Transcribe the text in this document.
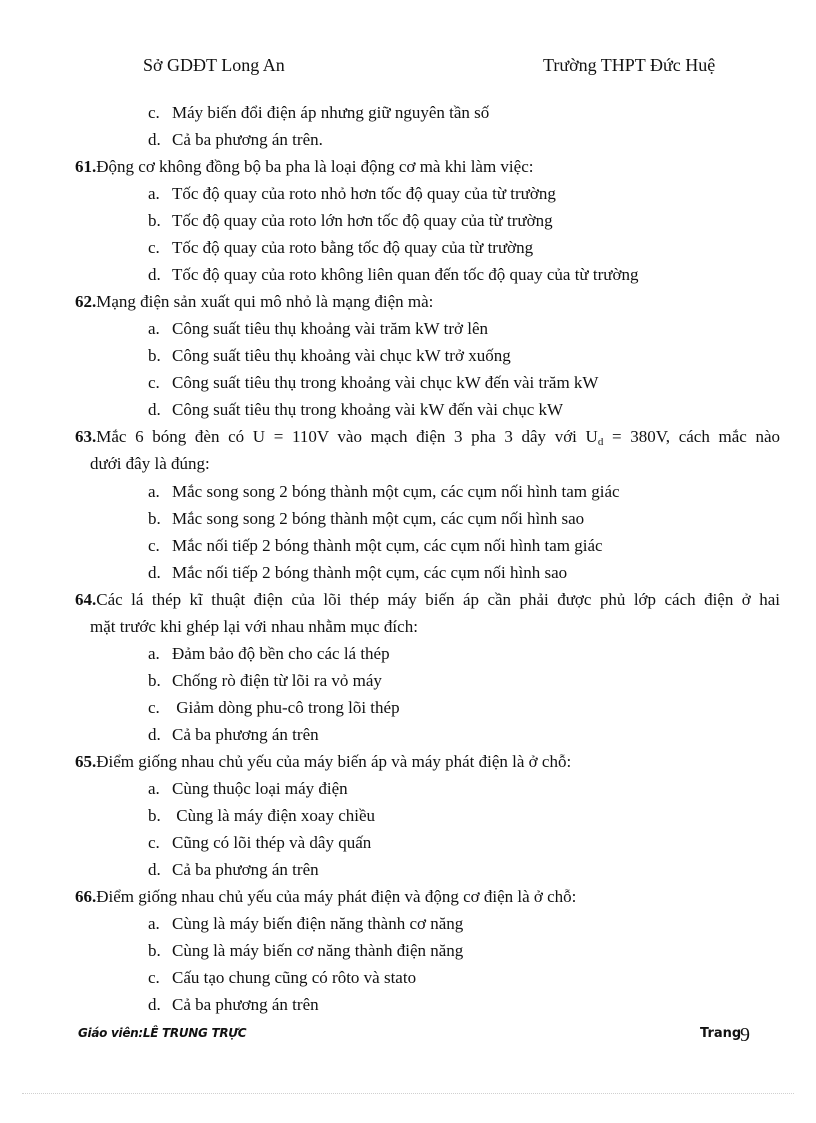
Sở GDĐT Long An	Trường THPT Đức Huệ
c. Máy biến đổi điện áp nhưng giữ nguyên tần số
d. Cả ba phương án trên.
61.Động cơ không đồng bộ ba pha là loại động cơ mà khi làm việc:
a. Tốc độ quay của roto nhỏ hơn tốc độ quay của từ trường
b. Tốc độ quay của roto lớn hơn tốc độ quay của từ trường
c. Tốc độ quay của roto bằng tốc độ quay của từ trường
d. Tốc độ quay của roto không liên quan đến tốc độ quay của từ trường
62.Mạng điện sản xuất qui mô nhỏ là mạng điện mà:
a. Công suất tiêu thụ khoảng vài trăm kW trở lên
b. Công suất tiêu thụ khoảng vài chục kW trở xuống
c. Công suất tiêu thụ trong khoảng vài chục kW đến vài trăm kW
d. Công suất tiêu thụ trong khoảng vài kW đến vài chục kW
63.Mắc 6 bóng đèn có U = 110V vào mạch điện 3 pha 3 dây với $U_d = 380V$, cách mắc nào
dưới đây là đúng:
a. Mắc song song 2 bóng thành một cụm, các cụm nối hình tam giác
b. Mắc song song 2 bóng thành một cụm, các cụm nối hình sao
c. Mắc nối tiếp 2 bóng thành một cụm, các cụm nối hình tam giác
d. Mắc nối tiếp 2 bóng thành một cụm, các cụm nối hình sao
64.Các lá thép kĩ thuật điện của lõi thép máy biến áp cần phải được phủ lớp cách điện ở hai
mặt trước khi ghép lại với nhau nhằm mục đích:
a. Đảm bảo độ bền cho các lá thép
b. Chống rò điện từ lõi ra vỏ máy
c. Giảm dòng phu-cô trong lõi thép
d. Cả ba phương án trên
65.Điểm giống nhau chủ yếu của máy biến áp và máy phát điện là ở chỗ:
a. Cùng thuộc loại máy điện
b. Cùng là máy điện xoay chiều
c. Cũng có lõi thép và dây quấn
d. Cả ba phương án trên
66.Điểm giống nhau chủ yếu của máy phát điện và động cơ điện là ở chỗ:
a. Cùng là máy biến điện năng thành cơ năng
b. Cùng là máy biến cơ năng thành điện năng
c. Cấu tạo chung cũng có rôto và stato
d. Cả ba phương án trên
Giáo viên:LÊ TRUNG TRỰC	Trang
9
